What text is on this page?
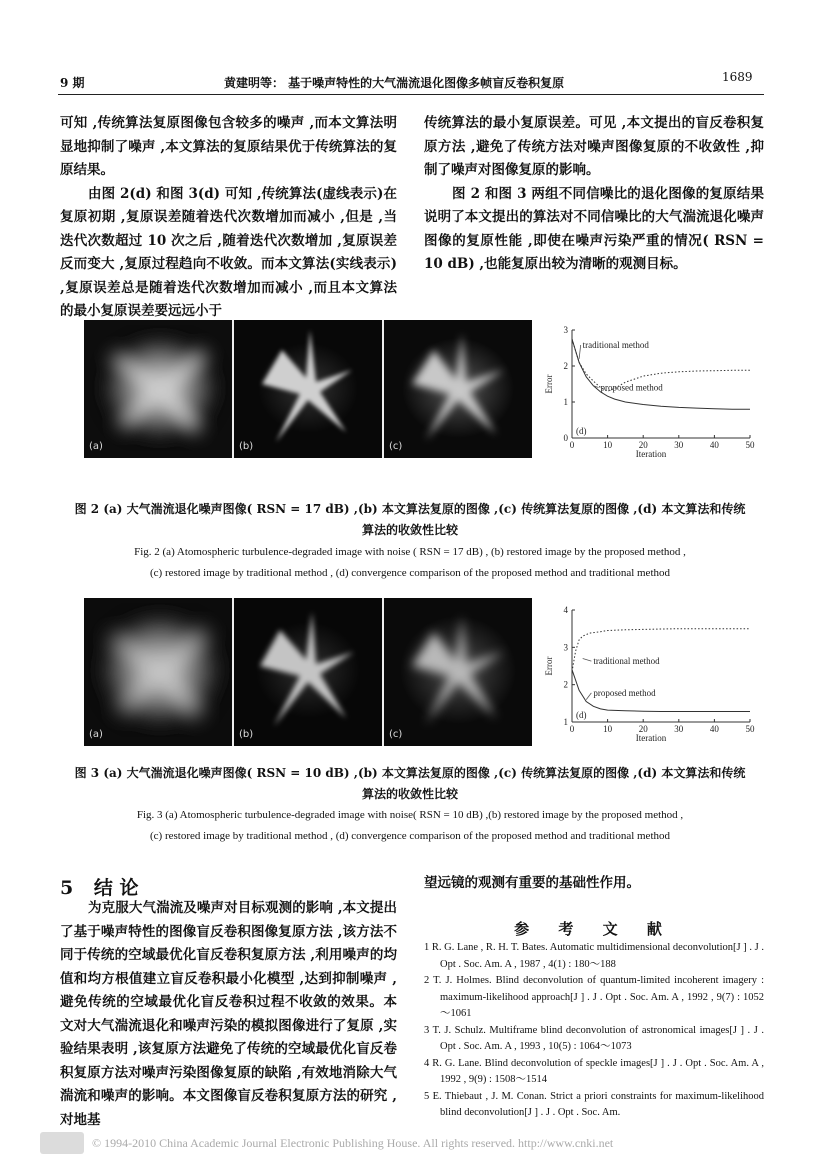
9 期	黄建明等： 基于噪声特性的大气湍流退化图像多帧盲反卷积复原	1689

可知 ,传统算法复原图像包含较多的噪声 ,而本文算法明显地抑制了噪声 ,本文算法的复原结果优于传统算法的复原结果。

由图 2(d) 和图 3(d) 可知 ,传统算法(虚线表示)在复原初期 ,复原误差随着迭代次数增加而减小 ,但是 ,当迭代次数超过 10 次之后 ,随着迭代次数增加 ,复原误差反而变大 ,复原过程趋向不收敛。而本文算法(实线表示) ,复原误差总是随着迭代次数增加而减小 ,而且本文算法的最小复原误差要远远小于

传统算法的最小复原误差。可见 ,本文提出的盲反卷积复原方法 ,避免了传统方法对噪声图像复原的不收敛性 ,抑制了噪声对图像复原的影响。

图 2 和图 3 两组不同信噪比的退化图像的复原结果说明了本文提出的算法对不同信噪比的大气湍流退化噪声图像的复原性能 ,即使在噪声污染严重的情况( RSN = 10 dB) ,也能复原出较为清晰的观测目标。

(a)	(b)	(c)	0	10	20	30	40	50
0
1
2
3
Iteration
Error
(d)
traditional method
proposed method
图 2 (a) 大气湍流退化噪声图像( RSN = 17 dB) ,(b) 本文算法复原的图像 ,(c) 传统算法复原的图像 ,(d) 本文算法和传统
算法的收敛性比较
Fig. 2 (a) Atomospheric turbulence-degraded image with noise ( RSN = 17 dB) , (b) restored image by the proposed method ,
(c) restored image by traditional method , (d) convergence comparison of the proposed method and traditional method
(a)	(b)	(c)	0	10	20	30	40	50
1
2
3
4
Iteration
Error
(d)
traditional method
proposed method
图 3 (a) 大气湍流退化噪声图像( RSN = 10 dB) ,(b) 本文算法复原的图像 ,(c) 传统算法复原的图像 ,(d) 本文算法和传统
算法的收敛性比较
Fig. 3 (a) Atomospheric turbulence-degraded image with noise( RSN = 10 dB) ,(b) restored image by the proposed method ,
(c) restored image by traditional method , (d) convergence comparison of the proposed method and traditional method
5 结 论

为克服大气湍流及噪声对目标观测的影响 ,本文提出了基于噪声特性的图像盲反卷积图像复原方法 ,该方法不同于传统的空域最优化盲反卷积复原方法 ,利用噪声的均值和均方根值建立盲反卷积最小化模型 ,达到抑制噪声 ,避免传统的空域最优化盲反卷积过程不收敛的效果。本文对大气湍流退化和噪声污染的模拟图像进行了复原 ,实验结果表明 ,该复原方法避免了传统的空域最优化盲反卷积复原方法对噪声污染图像复原的缺陷 ,有效地消除大气湍流和噪声的影响。本文图像盲反卷积复原方法的研究 ,对地基

望远镜的观测有重要的基础性作用。

参 考 文 献
1 R. G. Lane , R. H. T. Bates. Automatic multidimensional deconvolution[J ] . J . Opt . Soc. Am. A , 1987 , 4(1) : 180～188
2 T. J. Holmes. Blind deconvolution of quantum-limited incoherent imagery : maximum-likelihood approach[J ] . J . Opt . Soc. Am. A , 1992 , 9(7) : 1052～1061
3 T. J. Schulz. Multiframe blind deconvolution of astronomical images[J ] . J . Opt . Soc. Am. A , 1993 , 10(5) : 1064～1073
4 R. G. Lane. Blind deconvolution of speckle images[J ] . J . Opt . Soc. Am. A , 1992 , 9(9) : 1508～1514
5 E. Thiebaut , J. M. Conan. Strict a priori constraints for maximum-likelihood blind deconvolution[J ] . J . Opt . Soc. Am.
© 1994-2010 China Academic Journal Electronic Publishing House. All rights reserved. http://www.cnki.net
